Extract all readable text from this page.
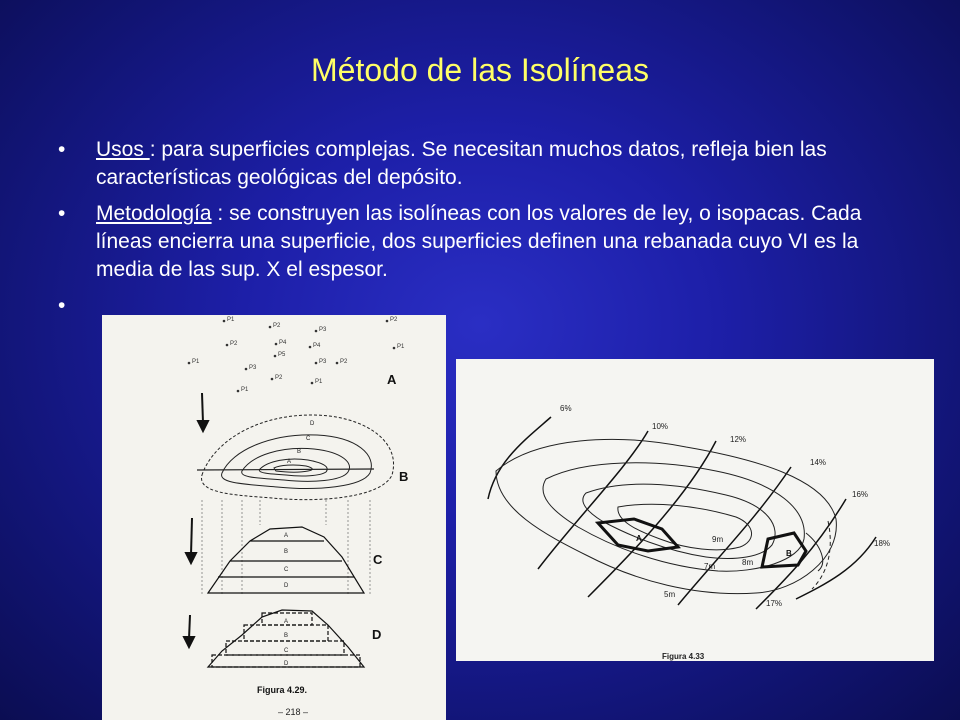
Método de las Isolíneas
• Usos : para superficies complejas. Se necesitan muchos datos, refleja bien las características geológicas del depósito.
• Metodología : se construyen las isolíneas con los valores de ley, o isopacas. Cada líneas encierra una superficie, dos superficies definen una rebanada cuyo VI es la media de las sup. X el espesor.
•
P1
P2
P3
P2
P2	P4	P4
P5
P3
P1
P1
P3
P2
P2
P1
P1
A
B
C
D
D
C
B
A
A
B
C
D
A
B
C
D
Figura 4.29.
– 218 –
6%
10%
12%
14%
16%
18%
17%
9m
7m	8m
5m
A
B
Figura 4.33
